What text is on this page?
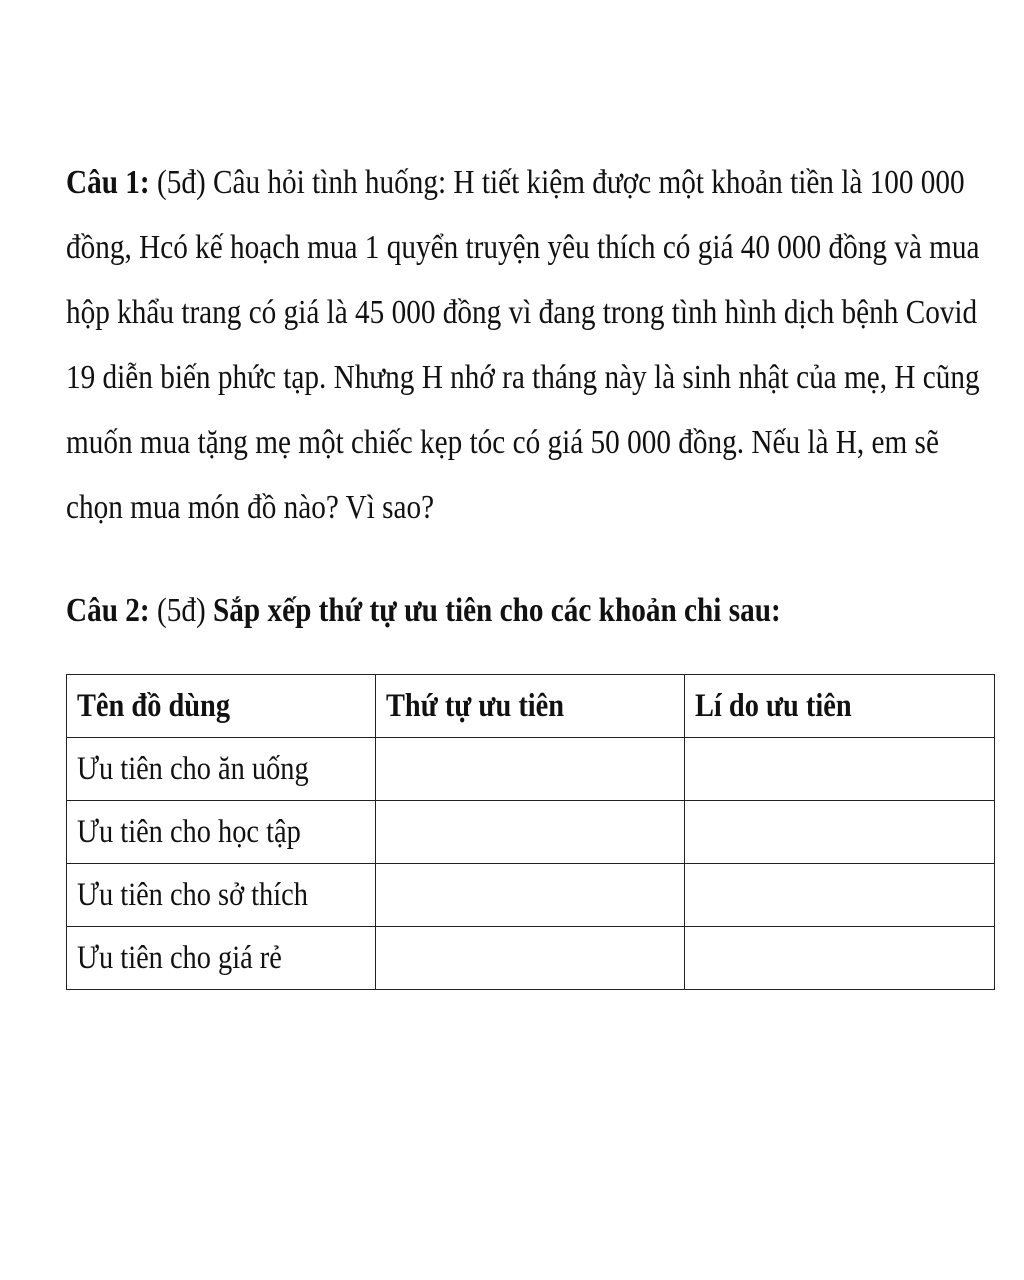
Câu 1: (5đ) Câu hỏi tình huống: H tiết kiệm được một khoản tiền là 100 000 đồng, Hcó kế hoạch mua 1 quyển truyện yêu thích có giá 40 000 đồng và mua hộp khẩu trang có giá là 45 000 đồng vì đang trong tình hình dịch bệnh Covid 19 diễn biến phức tạp. Nhưng H nhớ ra tháng này là sinh nhật của mẹ, H cũng muốn mua tặng mẹ một chiếc kẹp tóc có giá 50 000 đồng. Nếu là H, em sẽ chọn mua món đồ nào? Vì sao?
Câu 2: (5đ) Sắp xếp thứ tự ưu tiên cho các khoản chi sau:
Tên đồ dùng	Thứ tự ưu tiên	Lí do ưu tiên
Ưu tiên cho ăn uống		
Ưu tiên cho học tập		
Ưu tiên cho sở thích		
Ưu tiên cho giá rẻ		
